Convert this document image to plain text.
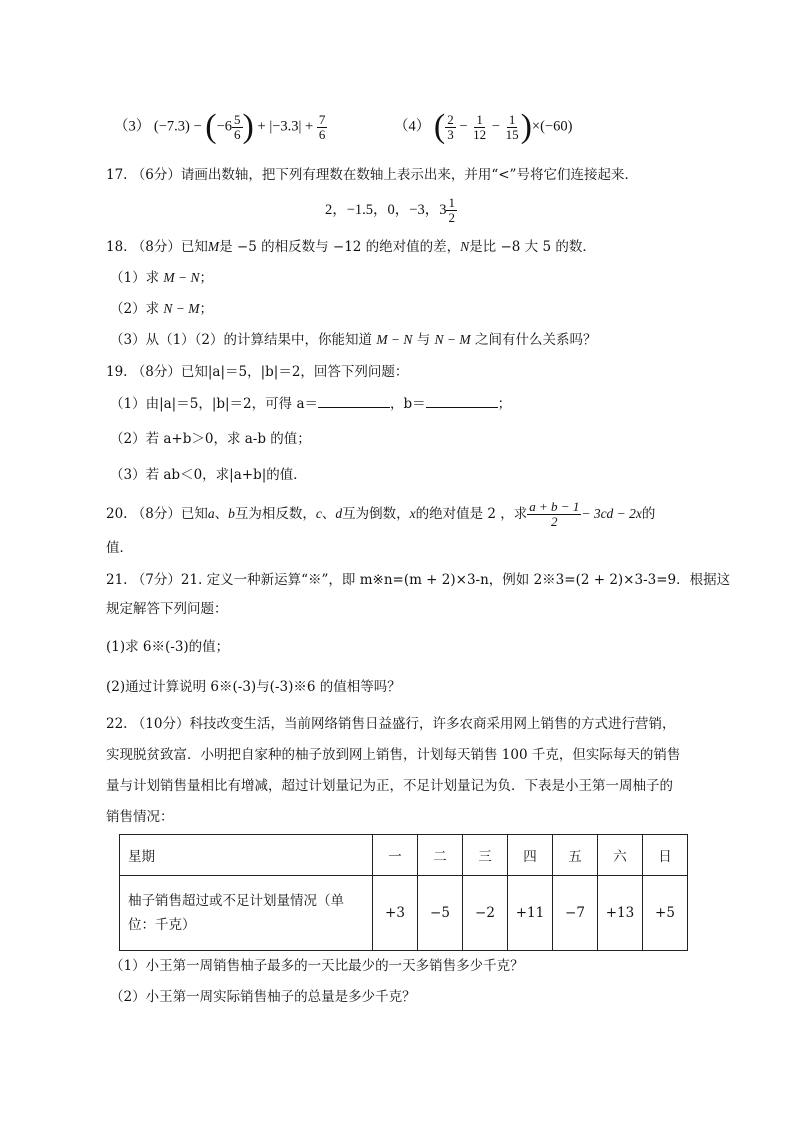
（3） $(-7.3) - (-6 \frac{5}{6}$ ) + $|-3.3| + \frac{7}{6}$	（4） ( $\frac{2}{3} - \frac{1}{12} - \frac{1}{15} )\times(-60)$
17. （6分）请画出数轴，把下列有理数在数轴上表示出来，并用“<”号将它们连接起来．
2，−1.5，0，−3，$3 \frac{1}{2}$
18. （8分）已知M是 −5 的相反数与 −12 的绝对值的差，N是比 −8 大 5 的数．
（1）求 M − N；
（2）求 N − M；
（3）从（1）（2）的计算结果中，你能知道 M − N 与 N − M 之间有什么关系吗？
19. （8分）已知|a|＝5，|b|＝2，回答下列问题：
（1）由|a|＝5，|b|＝2，可得 a＝	，b＝	；
（2）若 a+b＞0，求 a-b 的值；
（3）若 ab＜0，求|a+b|的值．
20. （8分）已知a、b互为相反数，c、d互为倒数，x的绝对值是 2 ，求 $\frac{a + b - 1}{2} - 3cd - 2x$的
值．
21. （7分）21. 定义一种新运算“※”，即 m※n=(m + 2)×3-n，例如 2※3=(2 + 2)×3-3=9．根据这
规定解答下列问题：
(1)求 6※(-3)的值；
(2)通过计算说明 6※(-3)与(-3)※6 的值相等吗？
22. （10分）科技改变生活，当前网络销售日益盛行，许多农商采用网上销售的方式进行营销，
实现脱贫致富．小明把自家种的柚子放到网上销售，计划每天销售 100 千克，但实际每天的销售
量与计划销售量相比有增减，超过计划量记为正，不足计划量记为负．下表是小王第一周柚子的
销售情况：
星期	一	二	三	四	五	六	日
柚子销售超过或不足计划量情况（单位：千克）	+3	−5	−2	+11	−7	+13	+5
（1）小王第一周销售柚子最多的一天比最少的一天多销售多少千克？
（2）小王第一周实际销售柚子的总量是多少千克？
